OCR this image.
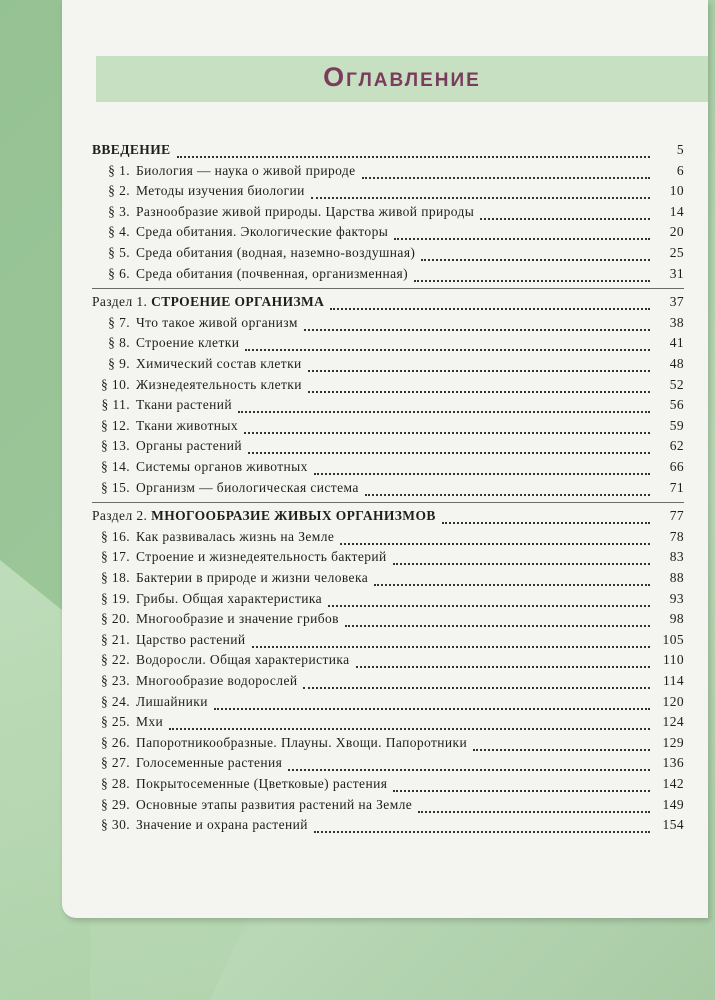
Оглавление
ВВЕДЕНИЕ	5
§ 1. Биология — наука о живой природе	6
§ 2. Методы изучения биологии	10
§ 3. Разнообразие живой природы. Царства живой природы	14
§ 4. Среда обитания. Экологические факторы	20
§ 5. Среда обитания (водная, наземно-воздушная)	25
§ 6. Среда обитания (почвенная, организменная)	31
Раздел 1. СТРОЕНИЕ ОРГАНИЗМА	37
§ 7. Что такое живой организм	38
§ 8. Строение клетки	41
§ 9. Химический состав клетки	48
§ 10. Жизнедеятельность клетки	52
§ 11. Ткани растений	56
§ 12. Ткани животных	59
§ 13. Органы растений	62
§ 14. Системы органов животных	66
§ 15. Организм — биологическая система	71
Раздел 2. МНОГООБРАЗИЕ ЖИВЫХ ОРГАНИЗМОВ	77
§ 16. Как развивалась жизнь на Земле	78
§ 17. Строение и жизнедеятельность бактерий	83
§ 18. Бактерии в природе и жизни человека	88
§ 19. Грибы. Общая характеристика	93
§ 20. Многообразие и значение грибов	98
§ 21. Царство растений	105
§ 22. Водоросли. Общая характеристика	110
§ 23. Многообразие водорослей	114
§ 24. Лишайники	120
§ 25. Мхи	124
§ 26. Папоротникообразные. Плауны. Хвощи. Папоротники	129
§ 27. Голосеменные растения	136
§ 28. Покрытосеменные (Цветковые) растения	142
§ 29. Основные этапы развития растений на Земле	149
§ 30. Значение и охрана растений	154
